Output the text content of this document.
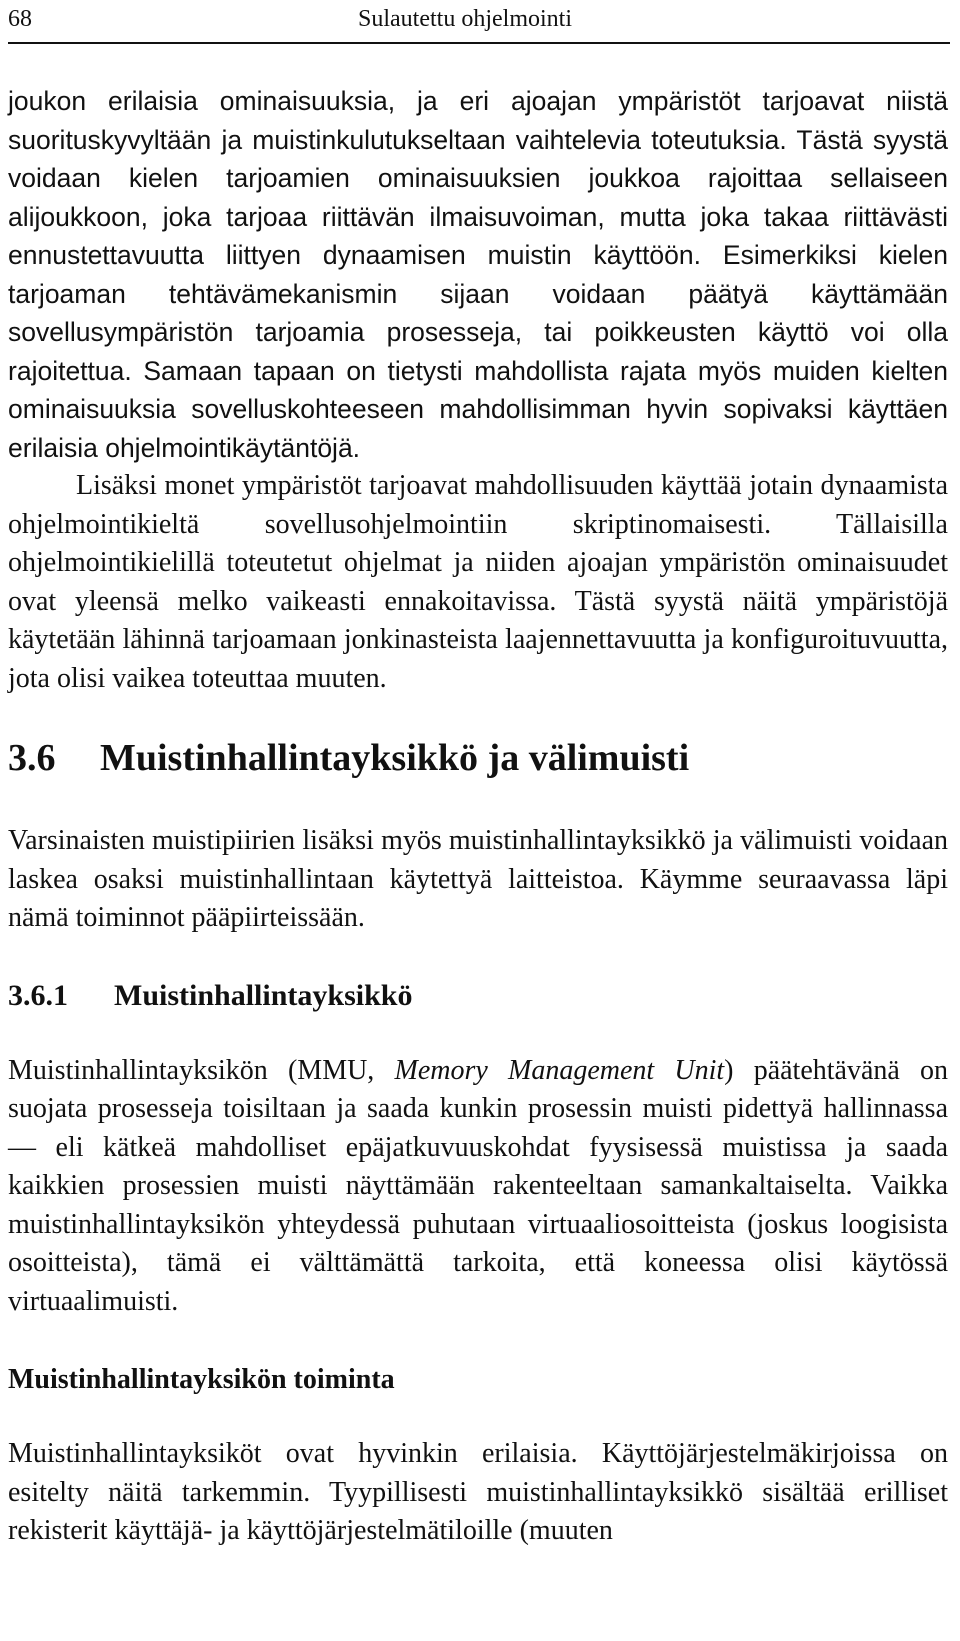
68	Sulautettu ohjelmointi

joukon erilaisia ominaisuuksia, ja eri ajoajan ympäristöt tarjoavat niistä suorituskyvyltään ja muistinkulutukseltaan vaihtelevia toteutuksia. Tästä syystä voidaan kielen tarjoamien ominaisuuksien joukkoa rajoittaa sellaiseen alijoukkoon, joka tarjoaa riittävän ilmaisuvoiman, mutta joka takaa riittävästi ennustettavuutta liittyen dynaamisen muistin käyttöön. Esimerkiksi kielen tarjoaman tehtävämekanismin sijaan voidaan päätyä käyttämään sovellusympäristön tarjoamia prosesseja, tai poikkeusten käyttö voi olla rajoitettua. Samaan tapaan on tietysti mahdollista rajata myös muiden kielten ominaisuuksia sovelluskohteeseen mahdollisimman hyvin sopivaksi käyttäen erilaisia ohjelmointikäytäntöjä.

Lisäksi monet ympäristöt tarjoavat mahdollisuuden käyttää jotain dynaamista ohjelmointikieltä sovellusohjelmointiin skriptinomaisesti. Tällaisilla ohjelmointikielillä toteutetut ohjelmat ja niiden ajoajan ympäristön ominaisuudet ovat yleensä melko vaikeasti ennakoitavissa. Tästä syystä näitä ympäristöjä käytetään lähinnä tarjoamaan jonkinasteista laajennettavuutta ja konfiguroituvuutta, jota olisi vaikea toteuttaa muuten.

3.6 Muistinhallintayksikkö ja välimuisti

Varsinaisten muistipiirien lisäksi myös muistinhallintayksikkö ja välimuisti voidaan laskea osaksi muistinhallintaan käytettyä laitteistoa. Käymme seuraavassa läpi nämä toiminnot pääpiirteissään.

3.6.1 Muistinhallintayksikkö

Muistinhallintayksikön (MMU, Memory Management Unit) päätehtävänä on suojata prosesseja toisiltaan ja saada kunkin prosessin muisti pidettyä hallinnassa — eli kätkeä mahdolliset epäjatkuvuuskohdat fyysisessä muistissa ja saada kaikkien prosessien muisti näyttämään rakenteeltaan samankaltaiselta. Vaikka muistinhallintayksikön yhteydessä puhutaan virtuaaliosoitteista (joskus loogisista osoitteista), tämä ei välttämättä tarkoita, että koneessa olisi käytössä virtuaalimuisti.

Muistinhallintayksikön toiminta

Muistinhallintayksiköt ovat hyvinkin erilaisia. Käyttöjärjestelmäkirjoissa on esitelty näitä tarkemmin. Tyypillisesti muistinhallintayksikkö sisältää erilliset rekisterit käyttäjä- ja käyttöjärjestelmätiloille (muuten
